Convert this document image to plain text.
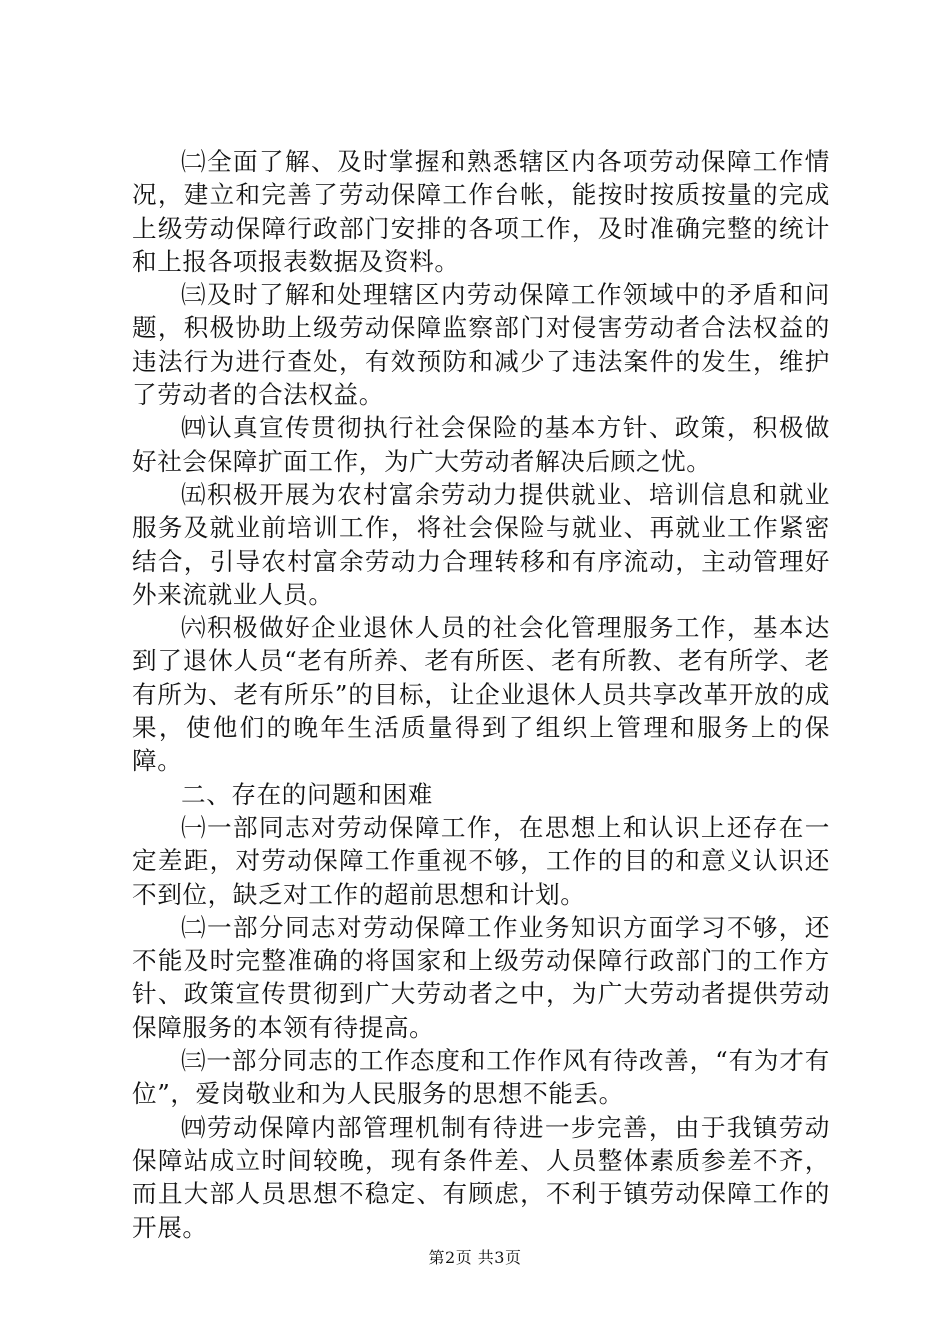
㈡全面了解、及时掌握和熟悉辖区内各项劳动保障工作情况，建立和完善了劳动保障工作台帐，能按时按质按量的完成上级劳动保障行政部门安排的各项工作，及时准确完整的统计和上报各项报表数据及资料。

㈢及时了解和处理辖区内劳动保障工作领域中的矛盾和问题，积极协助上级劳动保障监察部门对侵害劳动者合法权益的违法行为进行查处，有效预防和减少了违法案件的发生，维护了劳动者的合法权益。

㈣认真宣传贯彻执行社会保险的基本方针、政策，积极做好社会保障扩面工作，为广大劳动者解决后顾之忧。

㈤积极开展为农村富余劳动力提供就业、培训信息和就业服务及就业前培训工作，将社会保险与就业、再就业工作紧密结合，引导农村富余劳动力合理转移和有序流动，主动管理好外来流就业人员。

㈥积极做好企业退休人员的社会化管理服务工作，基本达到了退休人员“老有所养、老有所医、老有所教、老有所学、老有所为、老有所乐”的目标，让企业退休人员共享改革开放的成果，使他们的晚年生活质量得到了组织上管理和服务上的保障。

二、存在的问题和困难

㈠一部同志对劳动保障工作，在思想上和认识上还存在一定差距，对劳动保障工作重视不够，工作的目的和意义认识还不到位，缺乏对工作的超前思想和计划。

㈡一部分同志对劳动保障工作业务知识方面学习不够，还不能及时完整准确的将国家和上级劳动保障行政部门的工作方针、政策宣传贯彻到广大劳动者之中，为广大劳动者提供劳动保障服务的本领有待提高。

㈢一部分同志的工作态度和工作作风有待改善，“有为才有位”，爱岗敬业和为人民服务的思想不能丢。

㈣劳动保障内部管理机制有待进一步完善，由于我镇劳动保障站成立时间较晚，现有条件差、人员整体素质参差不齐，而且大部人员思想不稳定、有顾虑，不利于镇劳动保障工作的开展。

第2页 共3页
